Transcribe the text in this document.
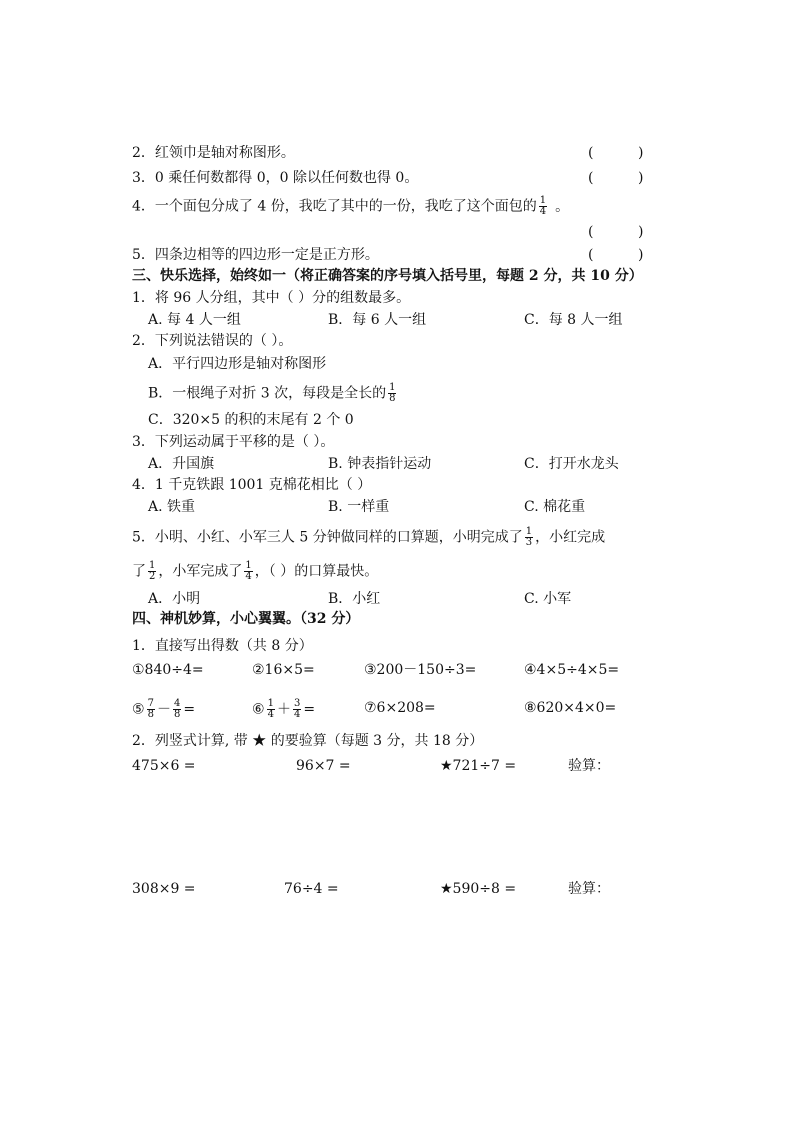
2．红领巾是轴对称图形。	(          )
3．0 乘任何数都得 0，0 除以任何数也得 0。	(          )
4．一个面包分成了 4 份，我吃了其中的一份，我吃了这个面包的 $\frac{1}{4}$ 。
(          )
5．四条边相等的四边形一定是正方形。	(          )
三、快乐选择，始终如一（将正确答案的序号填入括号里，每题 2 分，共 10 分）
1．将 96 人分组，其中（ ）分的组数最多。
A. 每 4 人一组	B．每 6 人一组	C．每 8 人一组
2．下列说法错误的（ ）。
A．平行四边形是轴对称图形
B．一根绳子对折 3 次，每段是全长的 $\frac{1}{8}$
C．320×5 的积的末尾有 2 个 0
3．下列运动属于平移的是（ ）。
A．升国旗	B. 钟表指针运动	C．打开水龙头
4．1 千克铁跟 1001 克棉花相比（ ）
A. 铁重	B. 一样重	C. 棉花重
5．小明、小红、小军三人 5 分钟做同样的口算题，小明完成了 $\frac{1}{3}$ ，小红完成
了 $\frac{1}{2}$ ，小军完成了 $\frac{1}{4}$ ，（ ）的口算最快。
A．小明	B．小红	C. 小军
四、神机妙算，小心翼翼。（32 分）
1．直接写出得数（共 8 分）
①840÷4=	②16×5=	③200－150÷3=	④4×5÷4×5=
⑤ $\frac{7}{8} - \frac{4}{8}$ =	⑥ $\frac{1}{4} + \frac{3}{4}$ =	⑦6×208=	⑧620×4×0=
2．列竖式计算, 带 ★ 的要验算（每题 3 分，共 18 分）
475×6 =	96×7 =	★721÷7 =	验算：
308×9 =	76÷4 =	★590÷8 =	验算：
